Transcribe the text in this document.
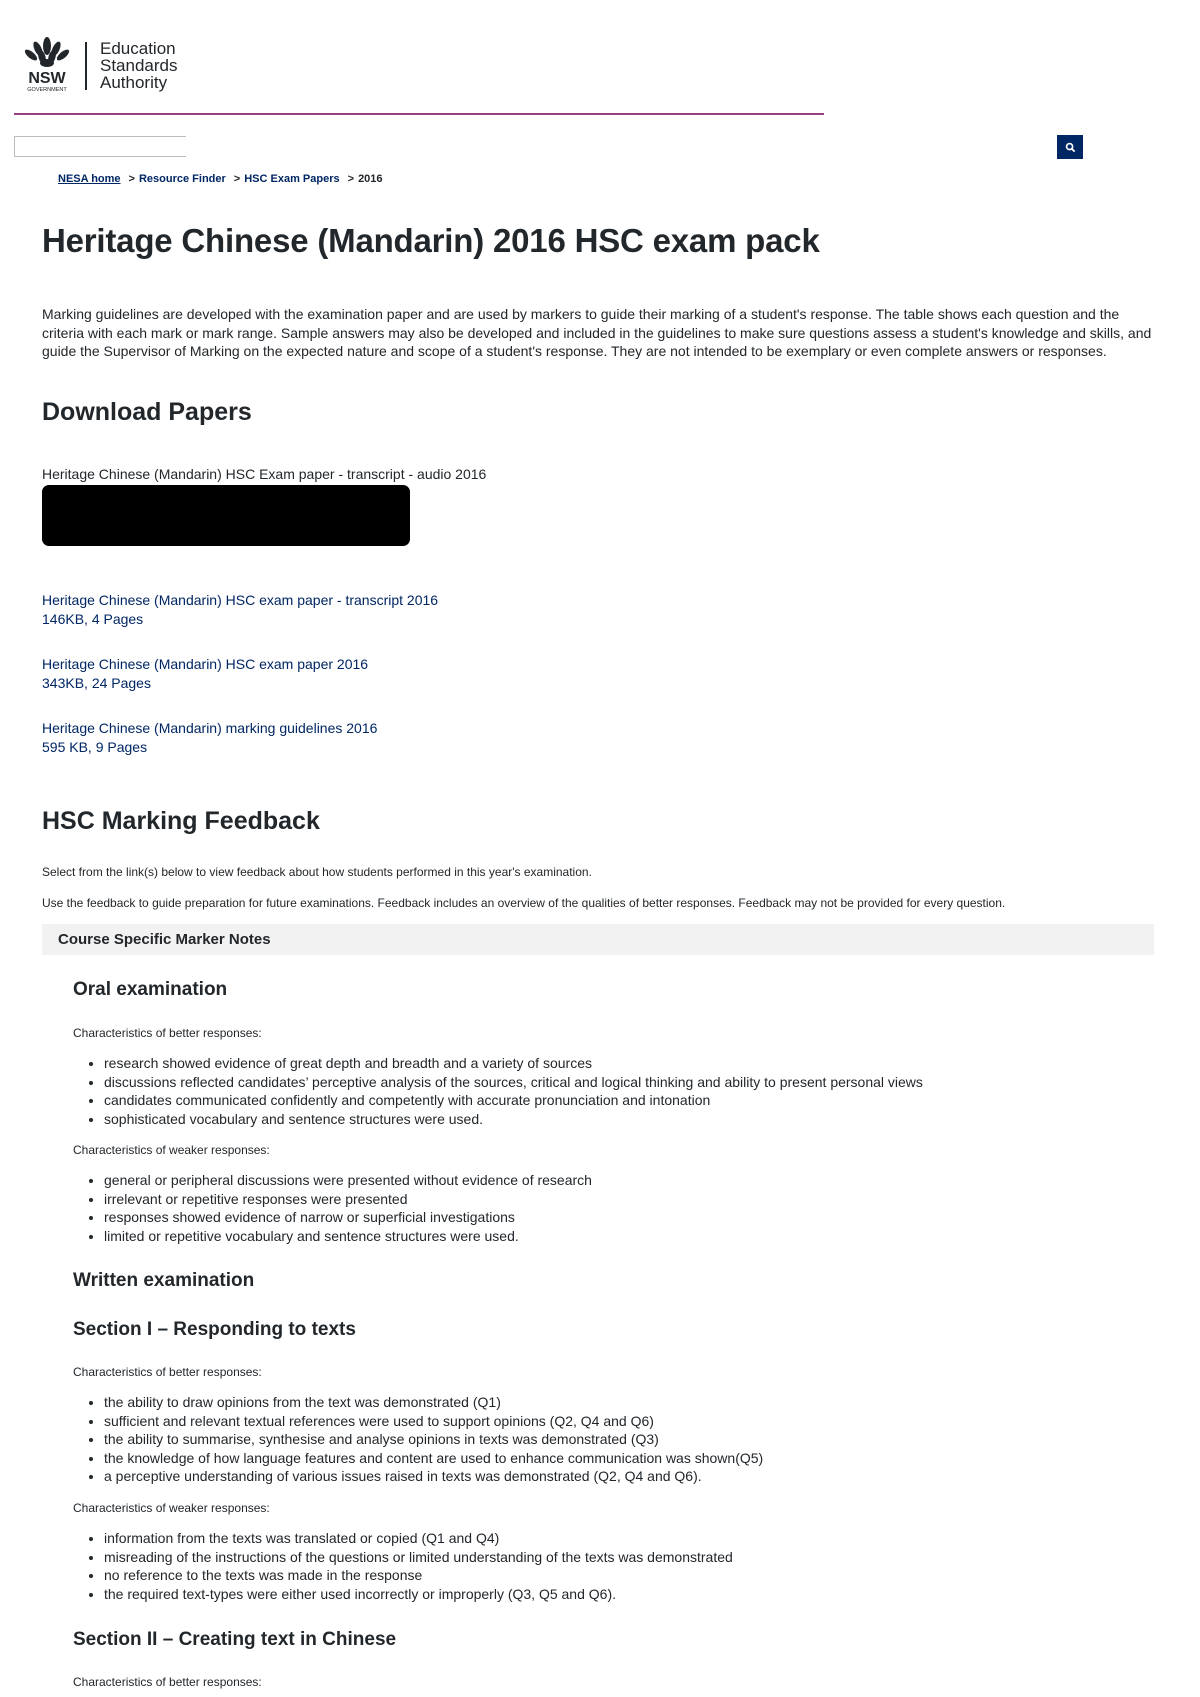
NSW
GOVERNMENT
Education
Standards
Authority
NESA home > Resource Finder > HSC Exam Papers > 2016
Heritage Chinese (Mandarin) 2016 HSC exam pack

Marking guidelines are developed with the examination paper and are used by markers to guide their marking of a student's response. The table shows each question and the criteria with each mark or mark range. Sample answers may also be developed and included in the guidelines to make sure questions assess a student's knowledge and skills, and guide the Supervisor of Marking on the expected nature and scope of a student's response. They are not intended to be exemplary or even complete answers or responses.

Download Papers
Heritage Chinese (Mandarin) HSC Exam paper - transcript - audio 2016
Heritage Chinese (Mandarin) HSC exam paper - transcript 2016
146KB, 4 Pages
Heritage Chinese (Mandarin) HSC exam paper 2016
343KB, 24 Pages
Heritage Chinese (Mandarin) marking guidelines 2016
595 KB, 9 Pages
HSC Marking Feedback

Select from the link(s) below to view feedback about how students performed in this year's examination.

Use the feedback to guide preparation for future examinations. Feedback includes an overview of the qualities of better responses. Feedback may not be provided for every question.

Course Specific Marker Notes
Oral examination

Characteristics of better responses:

• research showed evidence of great depth and breadth and a variety of sources
• discussions reflected candidates’ perceptive analysis of the sources, critical and logical thinking and ability to present personal views
• candidates communicated confidently and competently with accurate pronunciation and intonation
• sophisticated vocabulary and sentence structures were used.

Characteristics of weaker responses:

• general or peripheral discussions were presented without evidence of research
• irrelevant or repetitive responses were presented
• responses showed evidence of narrow or superficial investigations
• limited or repetitive vocabulary and sentence structures were used.
Written examination
Section I – Responding to texts

Characteristics of better responses:

• the ability to draw opinions from the text was demonstrated (Q1)
• sufficient and relevant textual references were used to support opinions (Q2, Q4 and Q6)
• the ability to summarise, synthesise and analyse opinions in texts was demonstrated (Q3)
• the knowledge of how language features and content are used to enhance communication was shown(Q5)
• a perceptive understanding of various issues raised in texts was demonstrated (Q2, Q4 and Q6).

Characteristics of weaker responses:

• information from the texts was translated or copied (Q1 and Q4)
• misreading of the instructions of the questions or limited understanding of the texts was demonstrated
• no reference to the texts was made in the response
• the required text-types were either used incorrectly or improperly (Q3, Q5 and Q6).
Section II – Creating text in Chinese

Characteristics of better responses:
